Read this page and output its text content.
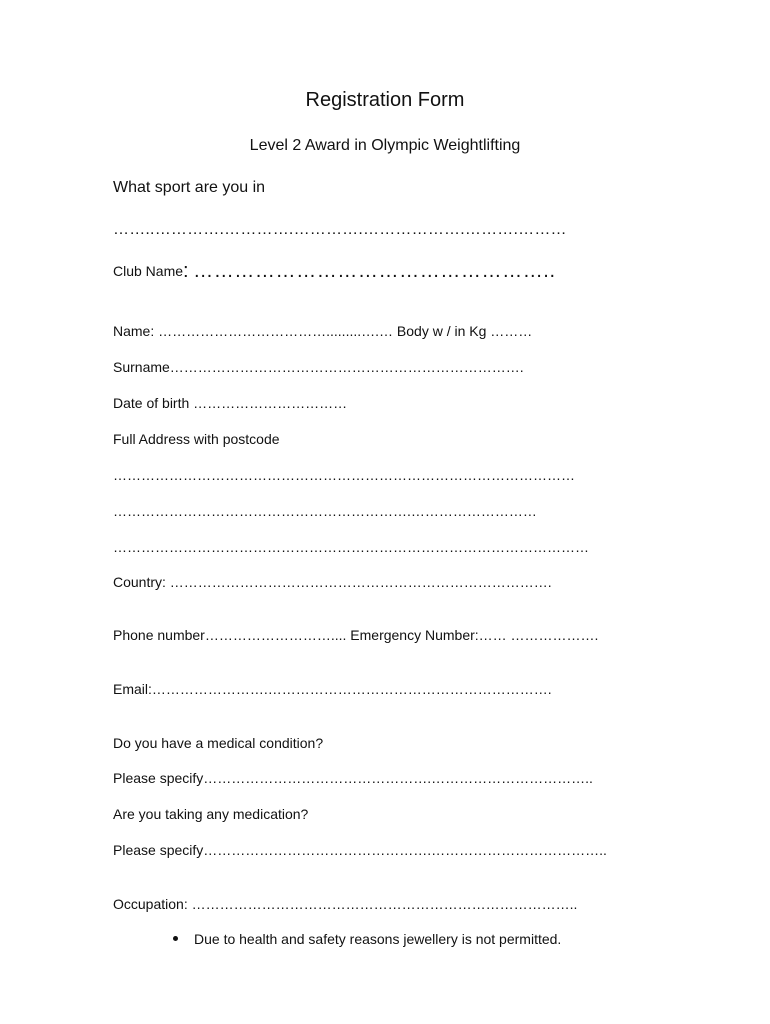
Registration Form
Level 2 Award in Olympic Weightlifting
What sport are you in
……..………….………….………….……………….……….………
Club Name: ……………………………………………..
Name: ……………………………….........….… Body w / in Kg ………
Surname………………………………………………………………….
Date of birth ……………………………
Full Address with postcode
………………………………………………………………………………………
……………………………………………………….………………………
…………………………………………………………………………………………
Country: ……………………………………………………………………….
Phone number……………………….... Emergency Number:…… ……………….
Email:…………………….…………………………………………………….
Do you have a medical condition?
Please specify………………………………………….……………………………..
Are you taking any medication?
Please specify………………………………………….………………………………..
Occupation: ………………………………………………………………………..
Due to health and safety reasons jewellery is not permitted.
